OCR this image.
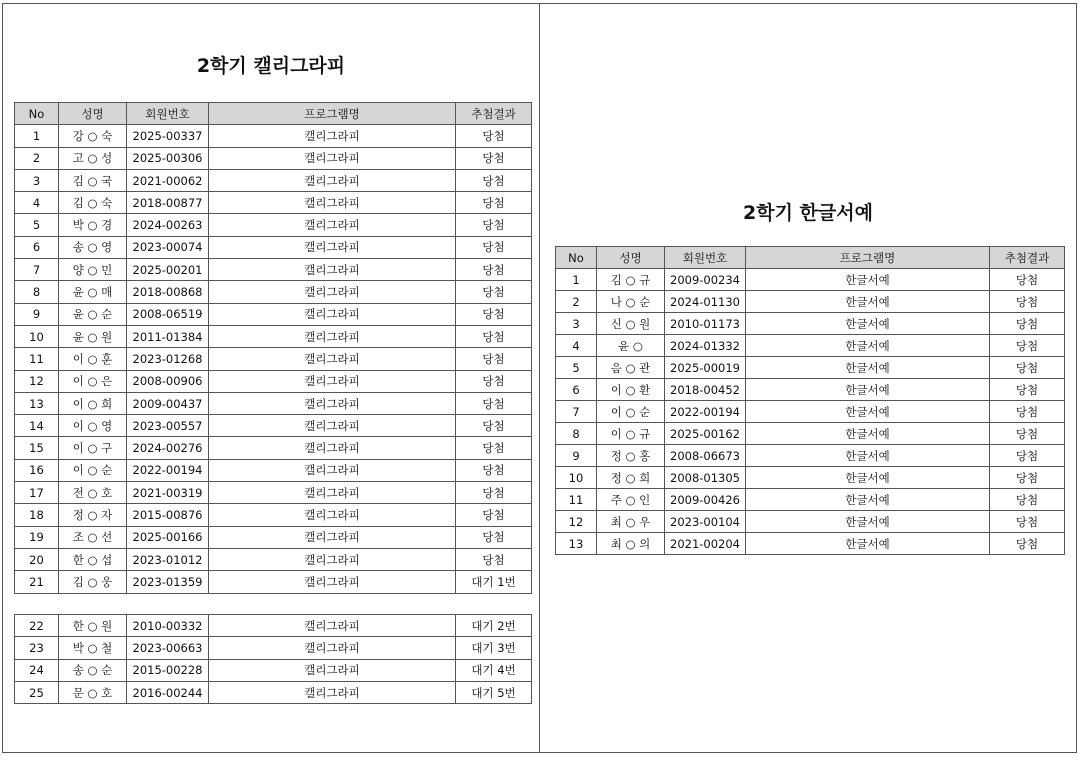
2학기 캘리그라피
No	성명	회원번호	프로그램명	추첨결과
1	강 ○ 숙	2025-00337	캘리그라피	당첨
2	고 ○ 성	2025-00306	캘리그라피	당첨
3	김 ○ 국	2021-00062	캘리그라피	당첨
4	김 ○ 숙	2018-00877	캘리그라피	당첨
5	박 ○ 경	2024-00263	캘리그라피	당첨
6	송 ○ 영	2023-00074	캘리그라피	당첨
7	양 ○ 민	2025-00201	캘리그라피	당첨
8	윤 ○ 매	2018-00868	캘리그라피	당첨
9	윤 ○ 순	2008-06519	캘리그라피	당첨
10	윤 ○ 원	2011-01384	캘리그라피	당첨
11	이 ○ 훈	2023-01268	캘리그라피	당첨
12	이 ○ 은	2008-00906	캘리그라피	당첨
13	이 ○ 희	2009-00437	캘리그라피	당첨
14	이 ○ 영	2023-00557	캘리그라피	당첨
15	이 ○ 구	2024-00276	캘리그라피	당첨
16	이 ○ 순	2022-00194	캘리그라피	당첨
17	전 ○ 호	2021-00319	캘리그라피	당첨
18	정 ○ 자	2015-00876	캘리그라피	당첨
19	조 ○ 선	2025-00166	캘리그라피	당첨
20	한 ○ 섭	2023-01012	캘리그라피	당첨
21	김 ○ 웅	2023-01359	캘리그라피	대기 1번
22	한 ○ 원	2010-00332	캘리그라피	대기 2번
23	박 ○ 철	2023-00663	캘리그라피	대기 3번
24	송 ○ 순	2015-00228	캘리그라피	대기 4번
25	문 ○ 호	2016-00244	캘리그라피	대기 5번
2학기 한글서예
No	성명	회원번호	프로그램명	추첨결과
1	김 ○ 규	2009-00234	한글서예	당첨
2	나 ○ 순	2024-01130	한글서예	당첨
3	신 ○ 원	2010-01173	한글서예	당첨
4	윤 ○	2024-01332	한글서예	당첨
5	음 ○ 관	2025-00019	한글서예	당첨
6	이 ○ 환	2018-00452	한글서예	당첨
7	이 ○ 순	2022-00194	한글서예	당첨
8	이 ○ 규	2025-00162	한글서예	당첨
9	정 ○ 홍	2008-06673	한글서예	당첨
10	정 ○ 희	2008-01305	한글서예	당첨
11	주 ○ 인	2009-00426	한글서예	당첨
12	최 ○ 우	2023-00104	한글서예	당첨
13	최 ○ 의	2021-00204	한글서예	당첨
